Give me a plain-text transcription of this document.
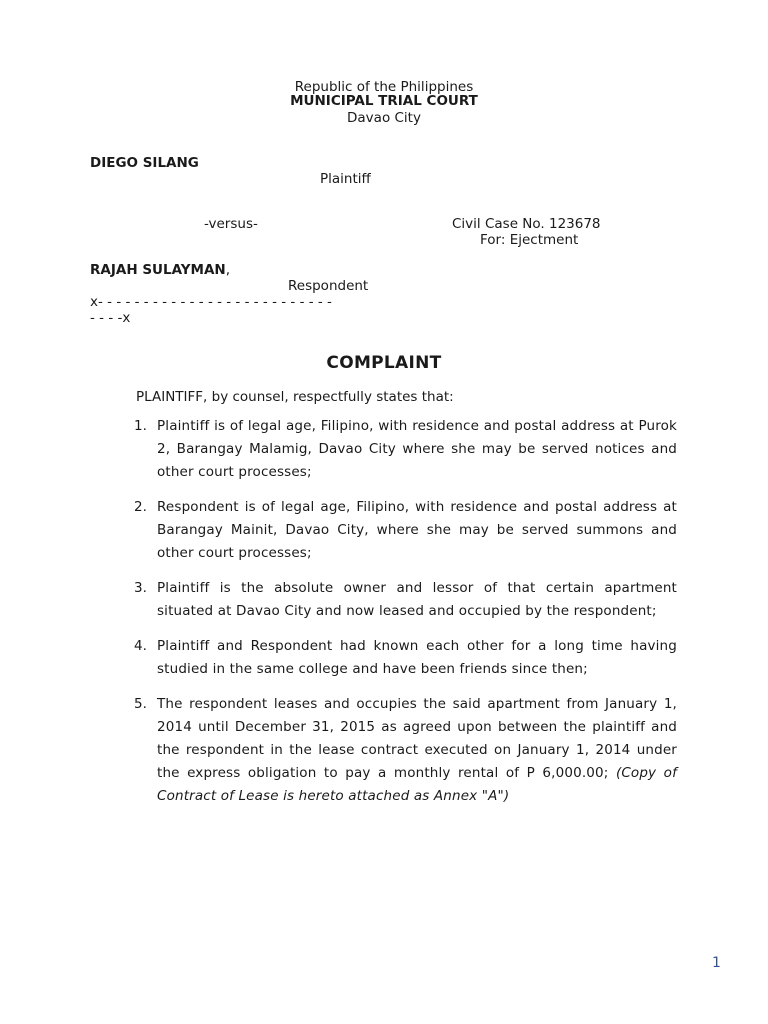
Republic of the Philippines
MUNICIPAL TRIAL COURT
Davao City
DIEGO SILANG
Plaintiff
-versus-	Civil Case No. 123678
For: Ejectment
RAJAH SULAYMAN,
Respondent
x- - - - - - - - - - - - - - - - - - - - - - - - - -
- - - -x
COMPLAINT
PLAINTIFF, by counsel, respectfully states that:
1. Plaintiff is of legal age, Filipino, with residence and postal address at Purok 2, Barangay Malamig, Davao City where she may be served notices and other court processes;
2. Respondent is of legal age, Filipino, with residence and postal address at Barangay Mainit, Davao City, where she may be served summons and other court processes;
3. Plaintiff is the absolute owner and lessor of that certain apartment situated at Davao City and now leased and occupied by the respondent;
4. Plaintiff and Respondent had known each other for a long time having studied in the same college and have been friends since then;
5. The respondent leases and occupies the said apartment from January 1, 2014 until December 31, 2015 as agreed upon between the plaintiff and the respondent in the lease contract executed on January 1, 2014 under the express obligation to pay a monthly rental of P 6,000.00; (Copy of Contract of Lease is hereto attached as Annex "A")
1
